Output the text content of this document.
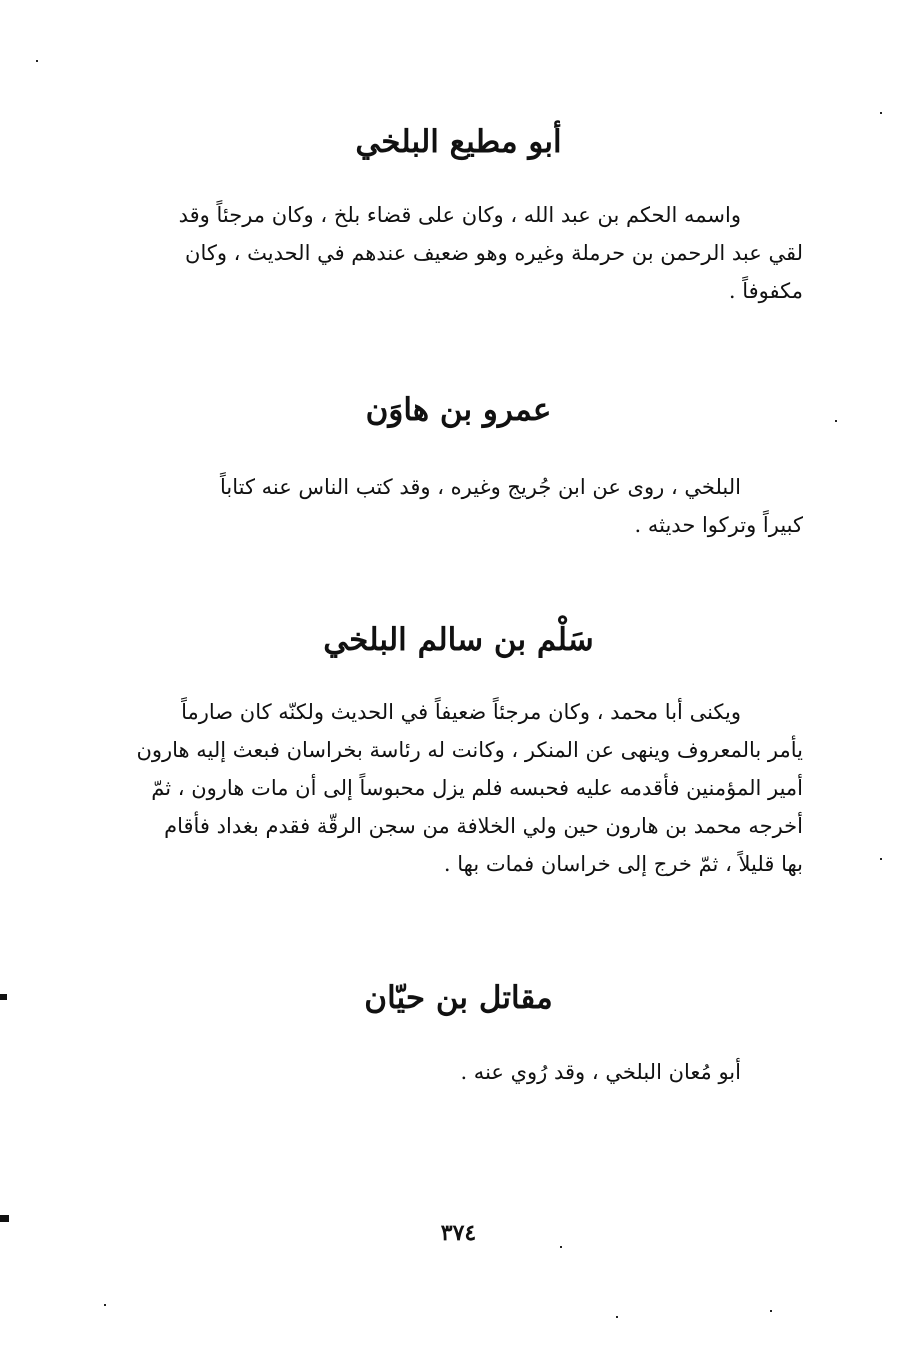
أبو مطيع البلخي
واسمه الحكم بن عبد الله ، وكان على قضاء بلخ ، وكان مرجئاً وقد
لقي عبد الرحمن بن حرملة وغيره وهو ضعيف عندهم في الحديث ، وكان
مكفوفاً .
عمرو بن هاوَن
البلخي ، روى عن ابن جُريج وغيره ، وقد كتب الناس عنه كتاباً
كبيراً وتركوا حديثه .
سَلْم بن سالم البلخي
ويكنى أبا محمد ، وكان مرجئاً ضعيفاً في الحديث ولكنّه كان صارماً
يأمر بالمعروف وينهى عن المنكر ، وكانت له رئاسة بخراسان فبعث إليه هارون
أمير المؤمنين فأقدمه عليه فحبسه فلم يزل محبوساً إلى أن مات هارون ، ثمّ
أخرجه محمد بن هارون حين ولي الخلافة من سجن الرقّة فقدم بغداد فأقام
بها قليلاً ، ثمّ خرج إلى خراسان فمات بها .
مقاتل بن حيّان
أبو مُعان البلخي ، وقد رُوي عنه .
٣٧٤
